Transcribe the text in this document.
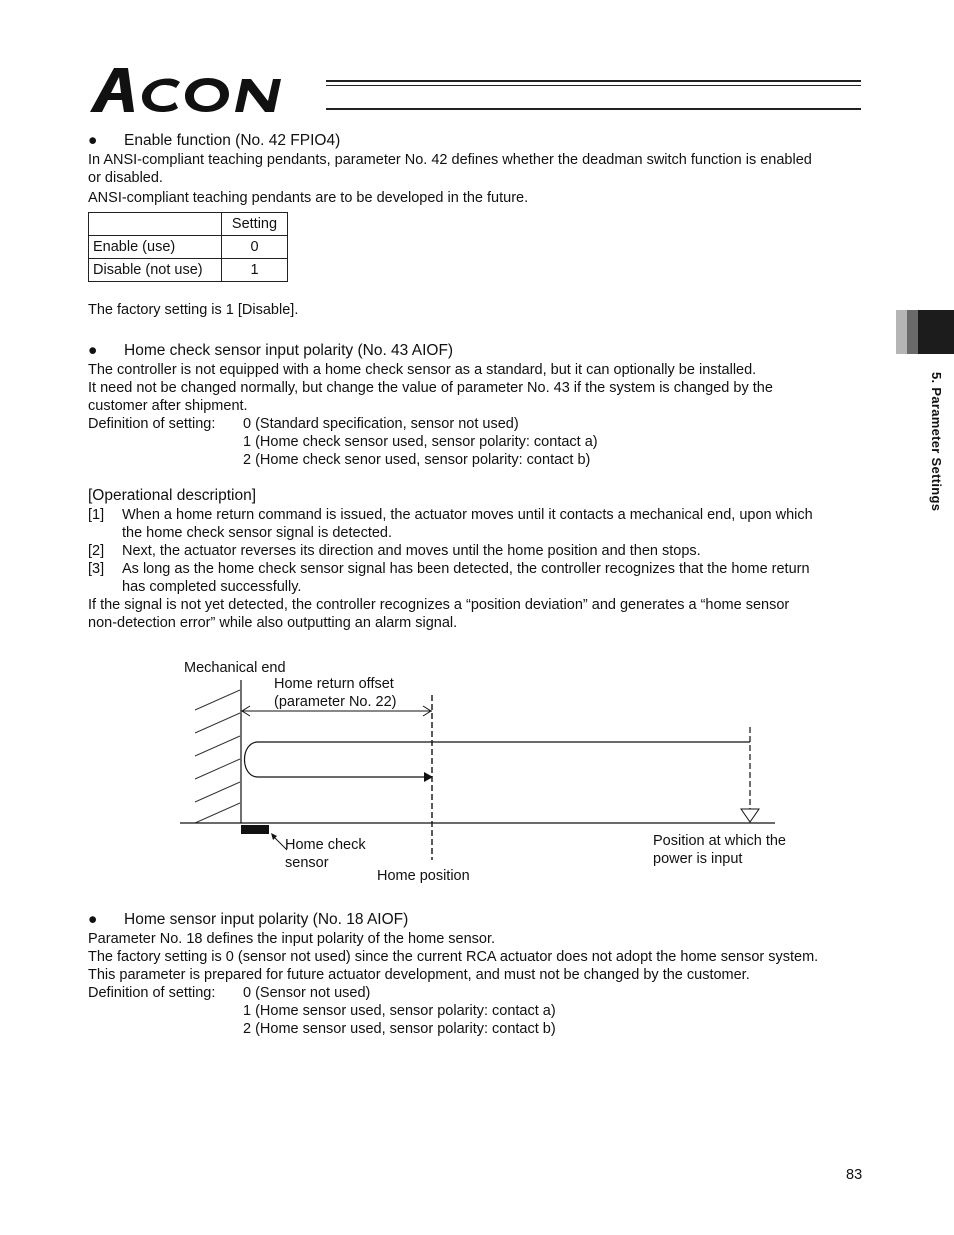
ACON
5. Parameter Settings
● Enable function (No. 42 FPIO4)

In ANSI-compliant teaching pendants, parameter No. 42 defines whether the deadman switch function is enabled

or disabled.

ANSI-compliant teaching pendants are to be developed in the future.

	Setting
Enable (use)	0
Disable (not use)	1

The factory setting is 1 [Disable].

● Home check sensor input polarity (No. 43 AIOF)

The controller is not equipped with a home check sensor as a standard, but it can optionally be installed.

It need not be changed normally, but change the value of parameter No. 43 if the system is changed by the

customer after shipment.

Definition of setting: 0 (Standard specification, sensor not used)
1 (Home check sensor used, sensor polarity: contact a)
2 (Home check senor used, sensor polarity: contact b)

[Operational description]

[1] When a home return command is issued, the actuator moves until it contacts a mechanical end, upon which
the home check sensor signal is detected.
[2] Next, the actuator reverses its direction and moves until the home position and then stops.
[3] As long as the home check sensor signal has been detected, the controller recognizes that the home return
has completed successfully.

If the signal is not yet detected, the controller recognizes a “position deviation” and generates a “home sensor

non-detection error” while also outputting an alarm signal.

Mechanical end
Home return offset
(parameter No. 22)
Home check
sensor
Home position
Position at which the
power is input
● Home sensor input polarity (No. 18 AIOF)

Parameter No. 18 defines the input polarity of the home sensor.

The factory setting is 0 (sensor not used) since the current RCA actuator does not adopt the home sensor system.

This parameter is prepared for future actuator development, and must not be changed by the customer.

Definition of setting: 0 (Sensor not used)
1 (Home sensor used, sensor polarity: contact a)
2 (Home sensor used, sensor polarity: contact b)
83
